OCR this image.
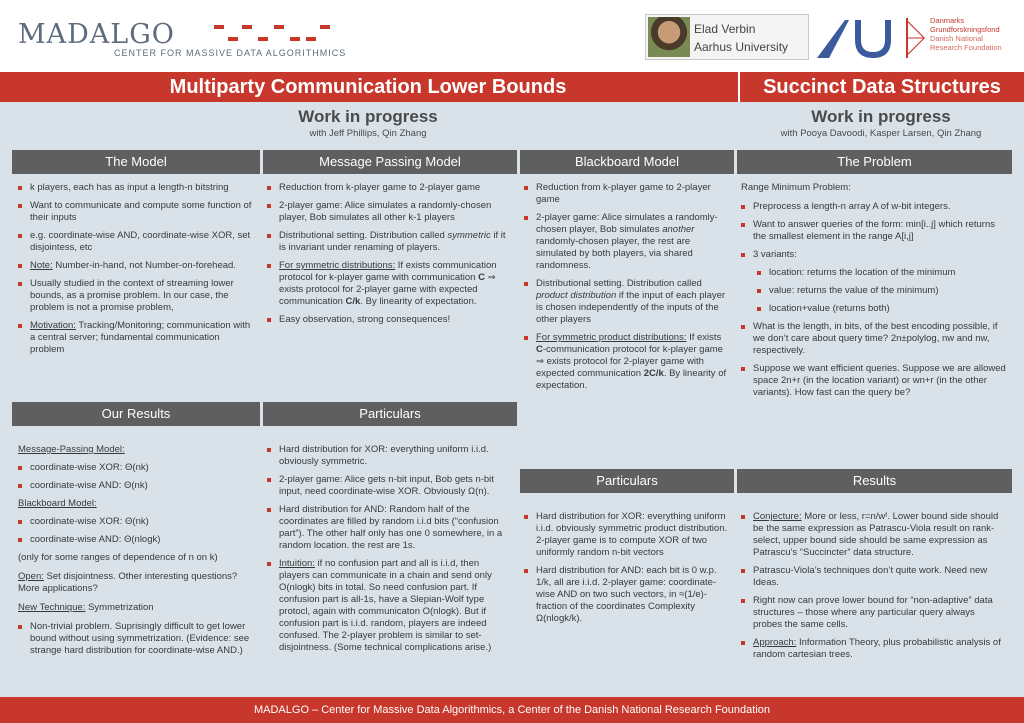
MADALGO
CENTER FOR MASSIVE DATA ALGORITHMICS
Elad Verbin
Aarhus University
Danmarks
Grundforskningsfond
Danish National
Research Foundation
Multiparty Communication Lower Bounds	Succinct Data Structures
Work in progress
with Jeff Phillips, Qin Zhang
Work in progress
with Pooya Davoodi, Kasper Larsen, Qin Zhang
The Model
k players, each has as input a length-n bitstring
Want to communicate and compute some function of their inputs
e.g. coordinate-wise AND, coordinate-wise XOR, set disjointess, etc
Note: Number-in-hand, not Number-on-forehead.
Usually studied in the context of streaming lower bounds, as a promise problem. In our case, the problem is not a promise problem,
Motivation: Tracking/Monitoring; communication with a central server; fundamental communication problem
Message Passing Model
Reduction from k-player game to 2-player game
2-player game: Alice simulates a randomly-chosen player, Bob simulates all other k-1 players
Distributional setting. Distribution called symmetric if it is invariant under renaming of players.
For symmetric distributions: If exists communication protocol for k-player game with communication C ⇒ exists protocol for 2-player game with expected communication C/k. By linearity of expectation.
Easy observation, strong consequences!
Blackboard Model
Reduction from k-player game to 2-player game
2-player game: Alice simulates a randomly-chosen player, Bob simulates another randomly-chosen player, the rest are simulated by both players, via shared randomness.
Distributional setting. Distribution called product distribution if the input of each player is chosen independently of the inputs of the other players
For symmetric product distributions: If exists C-communication protocol for k-player game ⇒ exists protocol for 2-player game with expected communication 2C/k. By linearity of expectation.
The Problem

Range Minimum Problem:

Preprocess a length-n array A of w-bit integers.
Want to answer queries of the form: min[i..j] which returns the smallest element in the range A[i,j]
3 variants:
location: returns the location of the minimum
value: returns the value of the minimum)
location+value (returns both)
What is the length, in bits, of the best encoding possible, if we don’t care about query time? 2n±polylog, nw and nw, respectively.
Suppose we want efficient queries. Suppose we are allowed space 2n+r (in the location variant) or wn+r (in the other variants). How fast can the query be?
Our Results

Message-Passing Model:

coordinate-wise XOR: Θ(nk)
coordinate-wise AND: Θ(nk)

Blackboard Model:

coordinate-wise XOR: Θ(nk)
coordinate-wise AND: Θ(nlogk)

(only for some ranges of dependence of n on k)

Open: Set disjointness. Other interesting questions? More applications?

New Technique: Symmetrization

Non-trivial problem. Suprisingly difficult to get lower bound without using symmetrization. (Evidence: see strange hard distribution for coordinate-wise AND.)
Particulars
Hard distribution for XOR: everything uniform i.i.d. obviously symmetric.
2-player game: Alice gets n-bit input, Bob gets n-bit input, need coordinate-wise XOR. Obviously Ω(n).
Hard distribution for AND: Random half of the coordinates are filled by random i.i.d bits (“confusion part”). The other half only has one 0 somewhere, in a random location. the rest are 1s.
Intuition: if no confusion part and all is i.i.d, then players can communicate in a chain and send only O(nlogk) bits in total. So need confusion part. If confusion part is all-1s, have a Slepian-Wolf type protocl, again with communicaton O(nlogk). But if confusion part is i.i.d. random, players are indeed confused. The 2-player problem is similar to set-disjointness. (Some technical complications arise.)
Particulars
Hard distribution for XOR: everything uniform i.i.d. obviously symmetric product distribution. 2-player game is to compute XOR of two uniformly random n-bit vectors
Hard distribution for AND: each bit is 0 w.p. 1/k, all are i.i.d. 2-player game: coordinate-wise AND on two such vectors, in ≈(1/e)-fraction of the coordinates Complexity Ω(nlogk/k).
Results
Conjecture: More or less, r=n/wᵗ. Lower bound side should be the same expression as Patrascu-Viola result on rank-select, upper bound side should be same expression as Patrascu’s “Succincter” data structure.
Patrascu-Viola’s techniques don’t quite work. Need new Ideas.
Right now can prove lower bound for “non-adaptive” data structures – those where any particular query always probes the same cells.
Approach: Information Theory, plus probabilistic analysis of random cartesian trees.
MADALGO – Center for Massive Data Algorithmics, a Center of the Danish National Research Foundation
